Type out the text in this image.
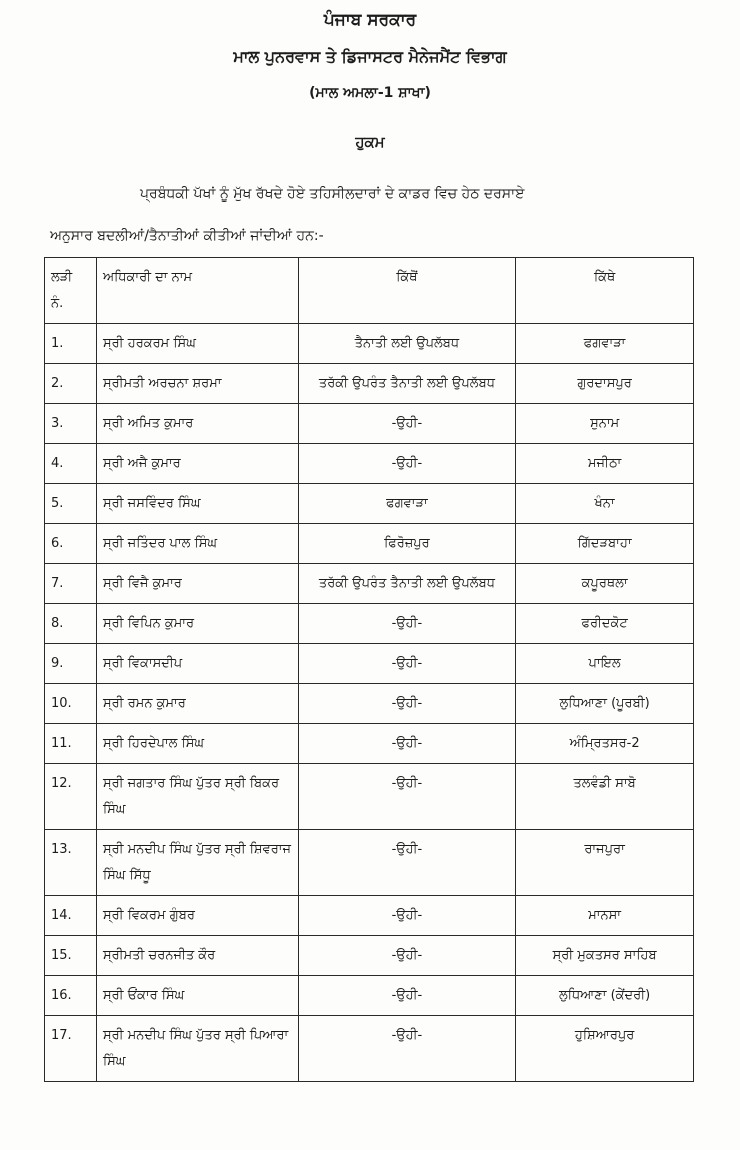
ਪੰਜਾਬ ਸਰਕਾਰ
ਮਾਲ ਪੁਨਰਵਾਸ ਤੇ ਡਿਜਾਸਟਰ ਮੈਨੇਜਮੈਂਟ ਵਿਭਾਗ
(ਮਾਲ ਅਮਲਾ-1 ਸ਼ਾਖਾ)
ਹੁਕਮ
ਪ੍ਰਬੰਧਕੀ ਪੱਖਾਂ ਨੂੰ ਮੁੱਖ ਰੱਖਦੇ ਹੋਏ ਤਹਿਸੀਲਦਾਰਾਂ ਦੇ ਕਾਡਰ ਵਿਚ ਹੇਠ ਦਰਸਾਏ
ਅਨੁਸਾਰ ਬਦਲੀਆਂ/ਤੈਨਾਤੀਆਂ ਕੀਤੀਆਂ ਜਾਂਦੀਆਂ ਹਨ:-
ਲੜੀ
ਨੰ.	ਅਧਿਕਾਰੀ ਦਾ ਨਾਮ	ਕਿੱਥੋਂ	ਕਿੱਥੇ
1.	ਸ੍ਰੀ ਹਰਕਰਮ ਸਿੰਘ	ਤੈਨਾਤੀ ਲਈ ਉਪਲੱਬਧ	ਫਗਵਾੜਾ
2.	ਸ੍ਰੀਮਤੀ ਅਰਚਨਾ ਸ਼ਰਮਾ	ਤਰੱਕੀ ਉਪਰੰਤ ਤੈਨਾਤੀ ਲਈ ਉਪਲੱਬਧ	ਗੁਰਦਾਸਪੁਰ
3.	ਸ੍ਰੀ ਅਮਿਤ ਕੁਮਾਰ	-ਉਹੀ-	ਸੁਨਾਮ
4.	ਸ੍ਰੀ ਅਜੈ ਕੁਮਾਰ	-ਉਹੀ-	ਮਜੀਠਾ
5.	ਸ੍ਰੀ ਜਸਵਿੰਦਰ ਸਿੰਘ	ਫਗਵਾੜਾ	ਖੰਨਾ
6.	ਸ੍ਰੀ ਜਤਿੰਦਰ ਪਾਲ ਸਿੰਘ	ਫਿਰੋਜ਼ਪੁਰ	ਗਿੱਦੜਬਾਹਾ
7.	ਸ੍ਰੀ ਵਿਜੈ ਕੁਮਾਰ	ਤਰੱਕੀ ਉਪਰੰਤ ਤੈਨਾਤੀ ਲਈ ਉਪਲੱਬਧ	ਕਪੂਰਥਲਾ
8.	ਸ੍ਰੀ ਵਿਪਿਨ ਕੁਮਾਰ	-ਉਹੀ-	ਫਰੀਦਕੋਟ
9.	ਸ੍ਰੀ ਵਿਕਾਸਦੀਪ	-ਉਹੀ-	ਪਾਇਲ
10.	ਸ੍ਰੀ ਰਮਨ ਕੁਮਾਰ	-ਉਹੀ-	ਲੁਧਿਆਣਾ (ਪੂਰਬੀ)
11.	ਸ੍ਰੀ ਹਿਰਦੇਪਾਲ ਸਿੰਘ	-ਉਹੀ-	ਅੰਮ੍ਰਿਤਸਰ-2
12.	ਸ੍ਰੀ ਜਗਤਾਰ ਸਿੰਘ ਪੁੱਤਰ ਸ੍ਰੀ ਬਿਕਰ ਸਿੰਘ	-ਉਹੀ-	ਤਲਵੰਡੀ ਸਾਬੋ
13.	ਸ੍ਰੀ ਮਨਦੀਪ ਸਿੰਘ ਪੁੱਤਰ ਸ੍ਰੀ ਸ਼ਿਵਰਾਜ ਸਿੰਘ ਸਿੱਧੂ	-ਉਹੀ-	ਰਾਜਪੁਰਾ
14.	ਸ੍ਰੀ ਵਿਕਰਮ ਗੁੰਬਰ	-ਉਹੀ-	ਮਾਨਸਾ
15.	ਸ੍ਰੀਮਤੀ ਚਰਨਜੀਤ ਕੌਰ	-ਉਹੀ-	ਸ੍ਰੀ ਮੁਕਤਸਰ ਸਾਹਿਬ
16.	ਸ੍ਰੀ ਓਂਕਾਰ ਸਿੰਘ	-ਉਹੀ-	ਲੁਧਿਆਣਾ (ਕੇਂਦਰੀ)
17.	ਸ੍ਰੀ ਮਨਦੀਪ ਸਿੰਘ ਪੁੱਤਰ ਸ੍ਰੀ ਪਿਆਰਾ ਸਿੰਘ	-ਉਹੀ-	ਹੁਸ਼ਿਆਰਪੁਰ
